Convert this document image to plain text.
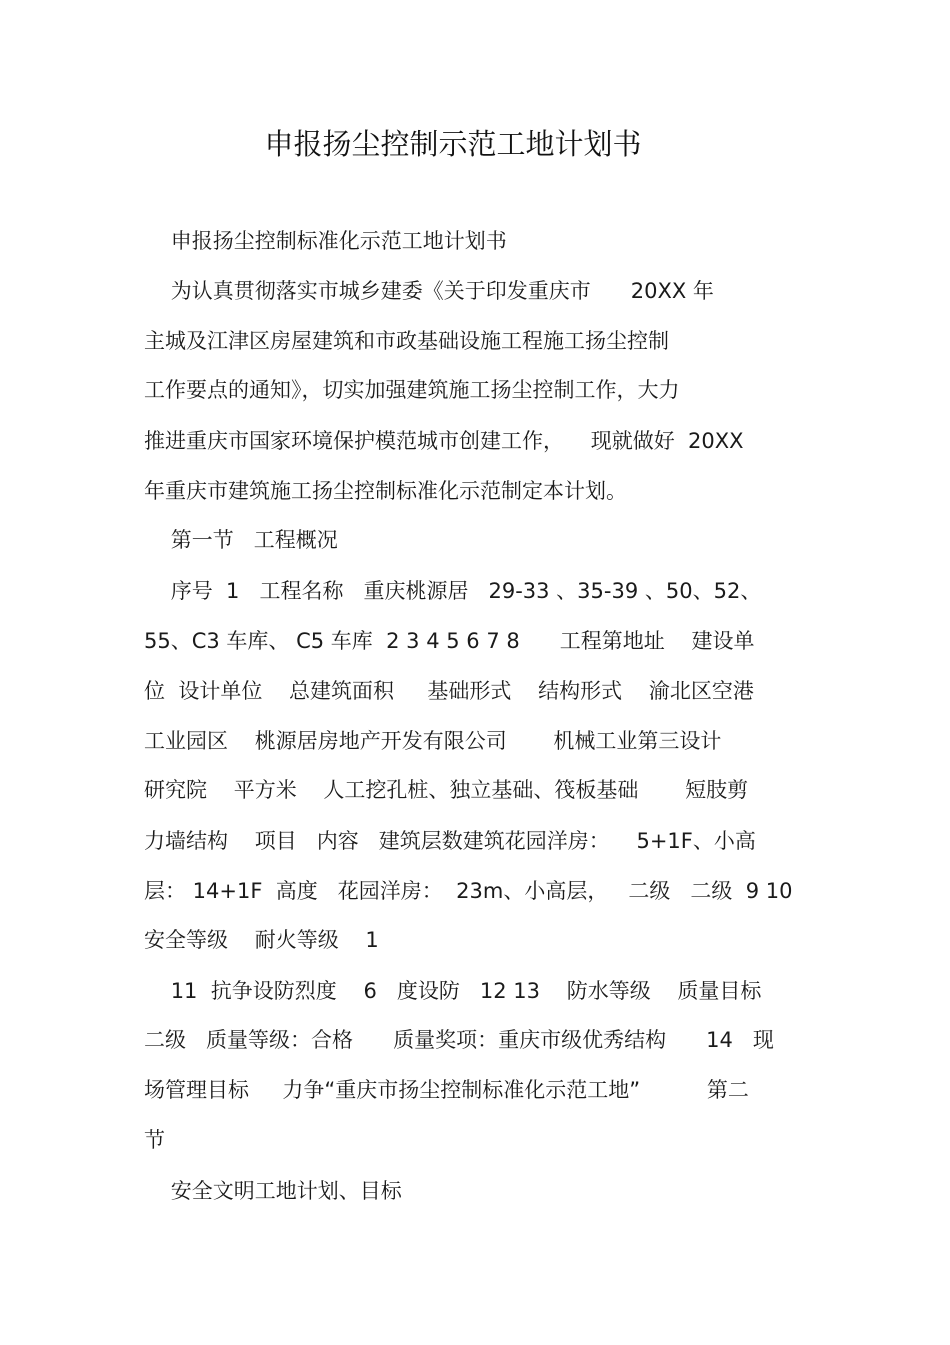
申报扬尘控制示范工地计划书
申报扬尘控制标准化示范工地计划书
为认真贯彻落实市城乡建委《关于印发重庆市      20XX 年
主城及江津区房屋建筑和市政基础设施工程施工扬尘控制
工作要点的通知》，切实加强建筑施工扬尘控制工作，大力
推进重庆市国家环境保护模范城市创建工作，    现就做好  20XX
年重庆市建筑施工扬尘控制标准化示范制定本计划。
第一节   工程概况
序号  1   工程名称   重庆桃源居   29-33 、35-39 、50、52、
55、C3 车库、 C5 车库  2 3 4 5 6 7 8      工程第地址    建设单
位  设计单位    总建筑面积     基础形式    结构形式    渝北区空港
工业园区    桃源居房地产开发有限公司       机械工业第三设计
研究院    平方米    人工挖孔桩、独立基础、筏板基础       短肢剪
力墙结构    项目   内容   建筑层数建筑花园洋房：    5+1F、小高
层： 14+1F  高度   花园洋房：  23m、小高层，   二级   二级  9 10
安全等级    耐火等级    1
11  抗争设防烈度    6   度设防   12 13    防水等级    质量目标
二级   质量等级：合格      质量奖项：重庆市级优秀结构      14   现
场管理目标     力争“重庆市扬尘控制标准化示范工地”          第二
节
安全文明工地计划、目标
